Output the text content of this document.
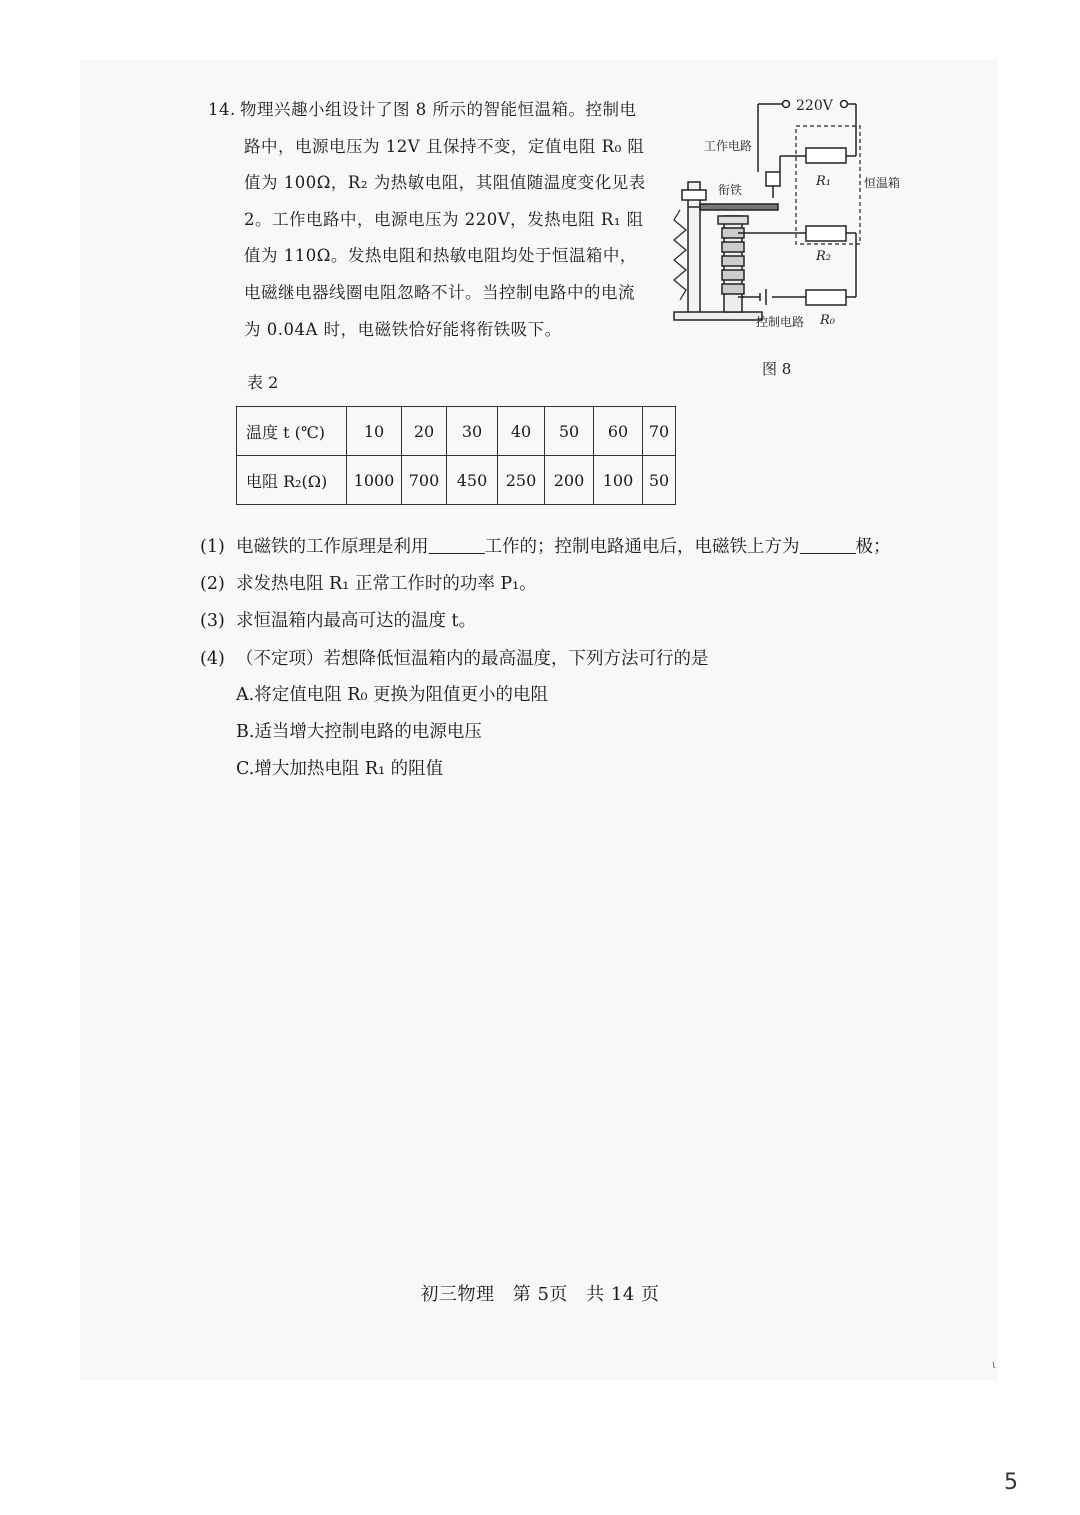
14. 物理兴趣小组设计了图 8 所示的智能恒温箱。控制电
路中，电源电压为 12V 且保持不变，定值电阻 R₀ 阻
值为 100Ω，R₂ 为热敏电阻，其阻值随温度变化见表
2。工作电路中，电源电压为 220V，发热电阻 R₁ 阻
值为 110Ω。发热电阻和热敏电阻均处于恒温箱中，
电磁继电器线圈电阻忽略不计。当控制电路中的电流
为 0.04A 时，电磁铁恰好能将衔铁吸下。
220V
工作电路
衔铁
R₁	恒温箱
R₂
控制电路 R₀
图 8
表 2
温度 t (℃)	10	20	30	40	50	60	70
电阻 R₂(Ω)	1000	700	450	250	200	100	50
(1) 电磁铁的工作原理是利用	工作的；控制电路通电后，电磁铁上方为	极；
(2) 求发热电阻 R₁ 正常工作时的功率 P₁。
(3) 求恒温箱内最高可达的温度 t。
(4) （不定项）若想降低恒温箱内的最高温度，下列方法可行的是
A.将定值电阻 R₀ 更换为阻值更小的电阻
B.适当增大控制电路的电源电压
C.增大加热电阻 R₁ 的阻值
初三物理 第 5页 共 14 页
ι
5
